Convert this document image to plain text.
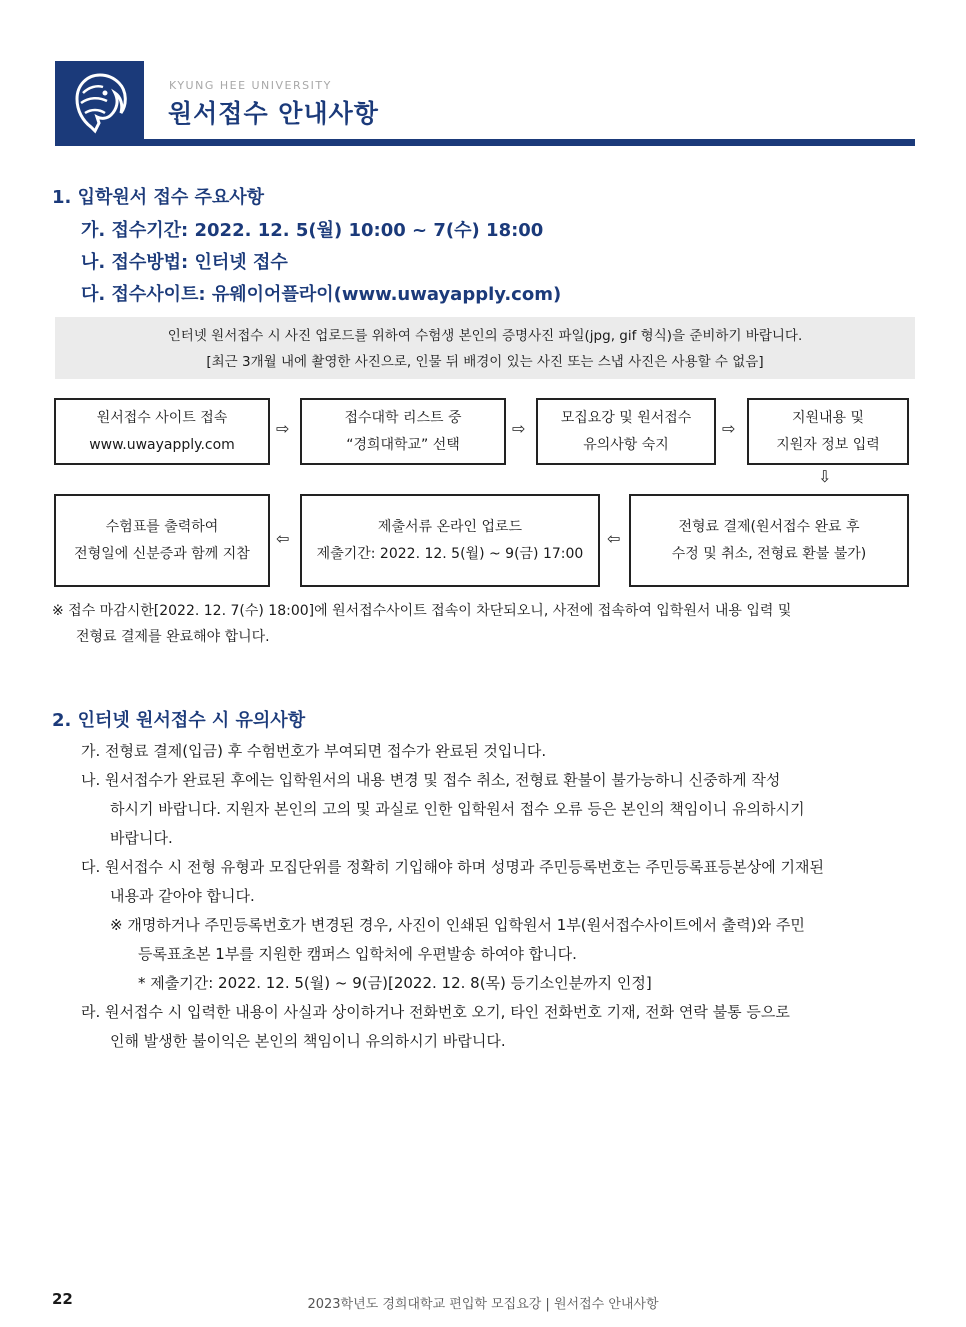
KYUNG HEE UNIVERSITY
원서접수 안내사항
1. 입학원서 접수 주요사항
가. 접수기간: 2022. 12. 5(월) 10:00 ~ 7(수) 18:00
나. 접수방법: 인터넷 접수
다. 접수사이트: 유웨이어플라이(www.uwayapply.com)
인터넷 원서접수 시 사진 업로드를 위하여 수험생 본인의 증명사진 파일(jpg, gif 형식)을 준비하기 바랍니다.
[최근 3개월 내에 촬영한 사진으로, 인물 뒤 배경이 있는 사진 또는 스냅 사진은 사용할 수 없음]
원서접수 사이트 접속
www.uwayapply.com
⇨
접수대학 리스트 중
“경희대학교” 선택
⇨
모집요강 및 원서접수
유의사항 숙지
⇨
지원내용 및
지원자 정보 입력
⇩
수험표를 출력하여
전형일에 신분증과 함께 지참
⇦
제출서류 온라인 업로드
제출기간: 2022. 12. 5(월) ~ 9(금) 17:00
⇦
전형료 결제(원서접수 완료 후
수정 및 취소, 전형료 환불 불가)
※ 접수 마감시한[2022. 12. 7(수) 18:00]에 원서접수사이트 접속이 차단되오니, 사전에 접속하여 입학원서 내용 입력 및
전형료 결제를 완료해야 합니다.
2. 인터넷 원서접수 시 유의사항
가. 전형료 결제(입금) 후 수험번호가 부여되면 접수가 완료된 것입니다.
나. 원서접수가 완료된 후에는 입학원서의 내용 변경 및 접수 취소, 전형료 환불이 불가능하니 신중하게 작성
하시기 바랍니다. 지원자 본인의 고의 및 과실로 인한 입학원서 접수 오류 등은 본인의 책임이니 유의하시기
바랍니다.
다. 원서접수 시 전형 유형과 모집단위를 정확히 기입해야 하며 성명과 주민등록번호는 주민등록표등본상에 기재된
내용과 같아야 합니다.
※ 개명하거나 주민등록번호가 변경된 경우, 사진이 인쇄된 입학원서 1부(원서접수사이트에서 출력)와 주민
등록표초본 1부를 지원한 캠퍼스 입학처에 우편발송 하여야 합니다.
* 제출기간: 2022. 12. 5(월) ~ 9(금)[2022. 12. 8(목) 등기소인분까지 인정]
라. 원서접수 시 입력한 내용이 사실과 상이하거나 전화번호 오기, 타인 전화번호 기재, 전화 연락 불통 등으로
인해 발생한 불이익은 본인의 책임이니 유의하시기 바랍니다.
22	2023학년도 경희대학교 편입학 모집요강 | 원서접수 안내사항
